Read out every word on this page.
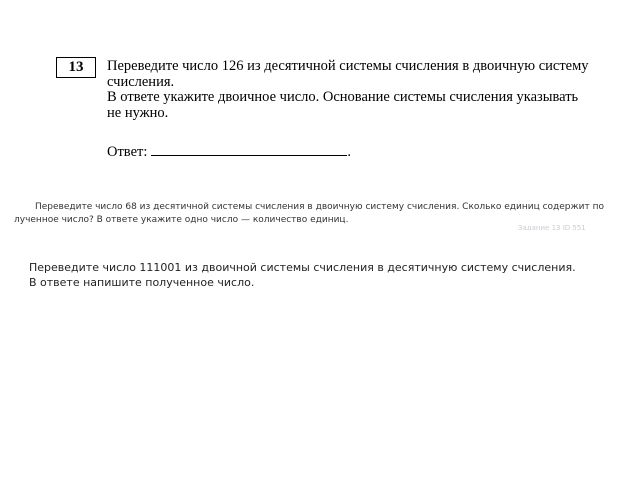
13	Переведите число 126 из десятичной системы счисления в двоичную систему

счисления.

В ответе укажите двоичное число. Основание системы счисления указывать

не нужно.

Ответ:	.

Переведите число 68 из десятичной системы счисления в двоичную систему счисления. Сколько единиц содержит по

лученное число? В ответе укажите одно число — количество единиц.

Задание 13 ID 551

Переведите число 111001 из двоичной системы счисления в десятичную систему счисления.

В ответе напишите полученное число.
